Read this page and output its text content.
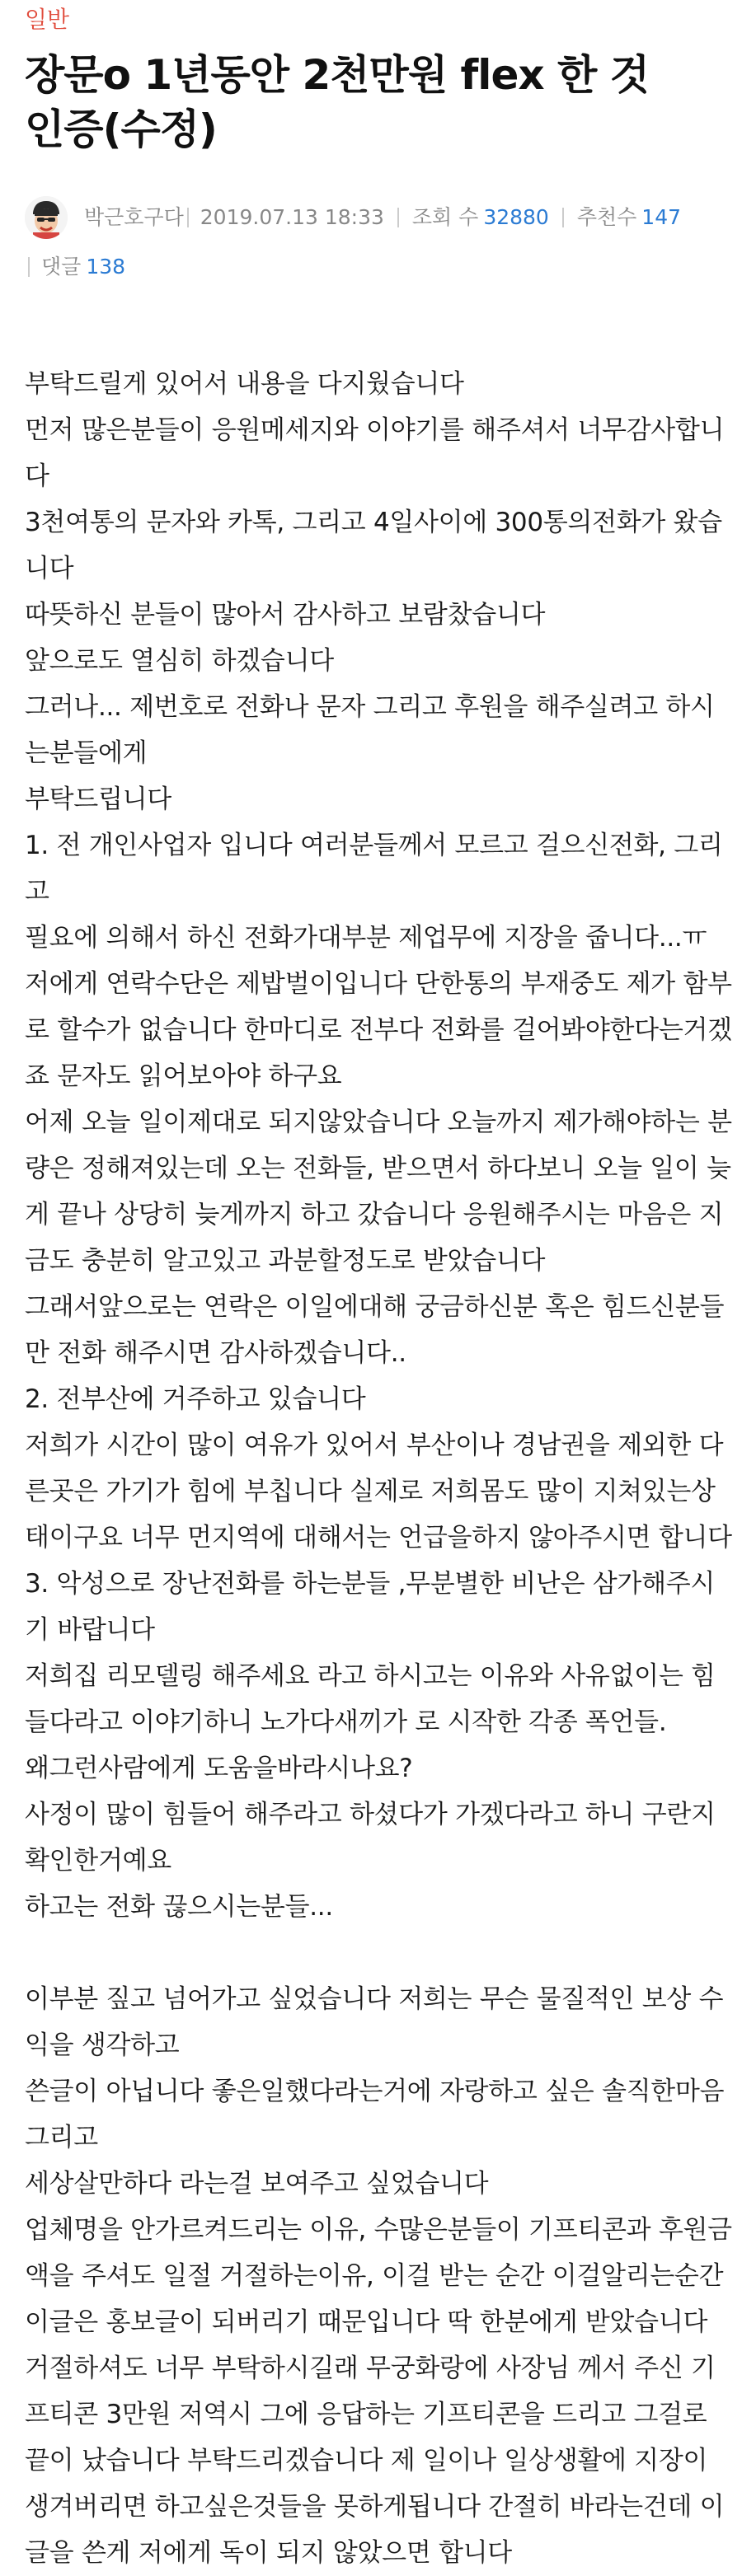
일반
장문o 1년동안 2천만원 flex 한 것
인증(수정)
박근호구다 2019.07.13 18:33 조회 수 32880 추천수 147
댓글 138
부탁드릴게 있어서 내용을 다지웠습니다
먼저 많은분들이 응원메세지와 이야기를 해주셔서 너무감사합니
다
3천여통의 문자와 카톡, 그리고 4일사이에 300통의전화가 왔습
니다
따뜻하신 분들이 많아서 감사하고 보람찼습니다
앞으로도 열심히 하겠습니다
그러나... 제번호로 전화나 문자 그리고 후원을 해주실려고 하시
는분들에게
부탁드립니다
1. 전 개인사업자 입니다 여러분들께서 모르고 걸으신전화, 그리
고
필요에 의해서 하신 전화가대부분 제업무에 지장을 줍니다...ㅠ
저에게 연락수단은 제밥벌이입니다 단한통의 부재중도 제가 함부
로 할수가 없습니다 한마디로 전부다 전화를 걸어봐야한다는거겠
죠 문자도 읽어보아야 하구요
어제 오늘 일이제대로 되지않았습니다 오늘까지 제가해야하는 분
량은 정해져있는데 오는 전화들, 받으면서 하다보니 오늘 일이 늦
게 끝나 상당히 늦게까지 하고 갔습니다 응원해주시는 마음은 지
금도 충분히 알고있고 과분할정도로 받았습니다
그래서앞으로는 연락은 이일에대해 궁금하신분 혹은 힘드신분들
만 전화 해주시면 감사하겠습니다..
2. 전부산에 거주하고 있습니다
저희가 시간이 많이 여유가 있어서 부산이나 경남권을 제외한 다
른곳은 가기가 힘에 부칩니다 실제로 저희몸도 많이 지쳐있는상
태이구요 너무 먼지역에 대해서는 언급을하지 않아주시면 합니다
3. 악성으로 장난전화를 하는분들 ,무분별한 비난은 삼가해주시
기 바랍니다
저희집 리모델링 해주세요 라고 하시고는 이유와 사유없이는 힘
들다라고 이야기하니 노가다새끼가 로 시작한 각종 폭언들.
왜그런사람에게 도움을바라시나요?
사정이 많이 힘들어 해주라고 하셨다가 가겠다라고 하니 구란지
확인한거예요
하고는 전화 끊으시는분들...
이부분 짚고 넘어가고 싶었습니다 저희는 무슨 물질적인 보상 수
익을 생각하고
쓴글이 아닙니다 좋은일했다라는거에 자랑하고 싶은 솔직한마음
그리고
세상살만하다 라는걸 보여주고 싶었습니다
업체명을 안가르켜드리는 이유, 수많은분들이 기프티콘과 후원금
액을 주셔도 일절 거절하는이유, 이걸 받는 순간 이걸알리는순간
이글은 홍보글이 되버리기 때문입니다 딱 한분에게 받았습니다
거절하셔도 너무 부탁하시길래 무궁화랑에 사장님 께서 주신 기
프티콘 3만원 저역시 그에 응답하는 기프티콘을 드리고 그걸로
끝이 났습니다 부탁드리겠습니다 제 일이나 일상생활에 지장이
생겨버리면 하고싶은것들을 못하게됩니다 간절히 바라는건데 이
글을 쓴게 저에게 독이 되지 않았으면 합니다
